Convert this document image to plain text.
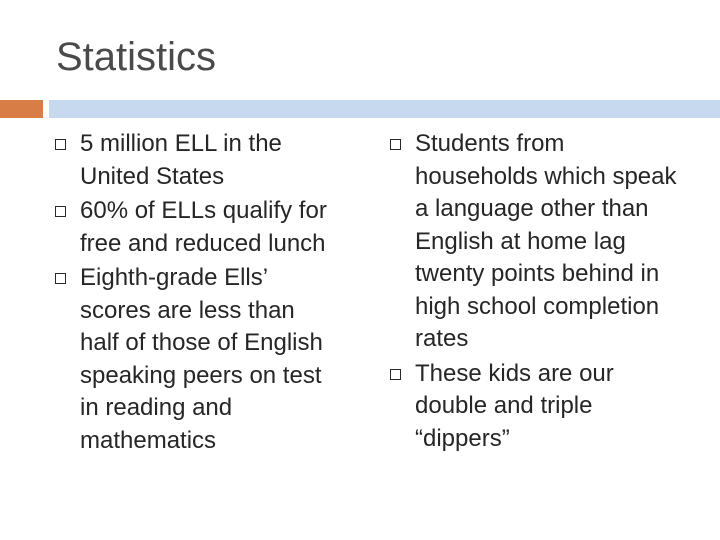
Statistics
5 million ELL in the United States
60% of ELLs qualify for free and reduced lunch
Eighth-grade Ells’ scores are less than half of those of English speaking peers on test in reading and mathematics
Students from households which speak a language other than English at home lag twenty points behind in high school completion rates
These kids are our double and triple “dippers”
